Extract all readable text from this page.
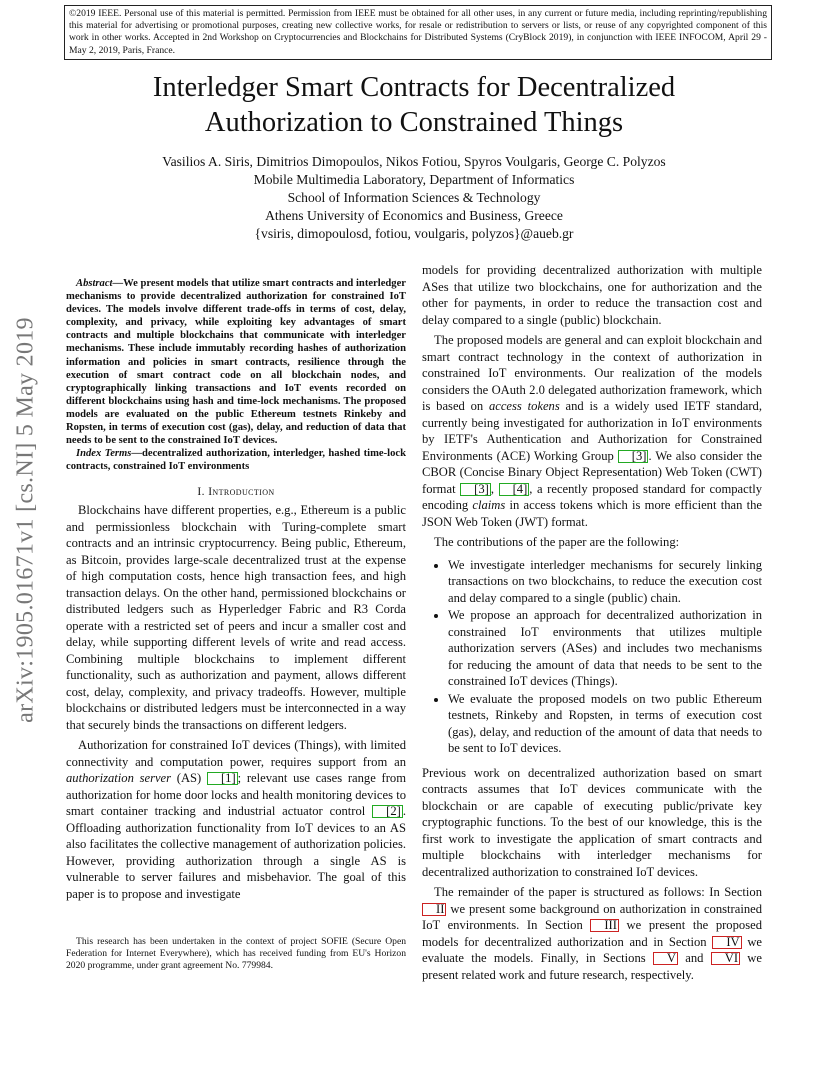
©2019 IEEE. Personal use of this material is permitted. Permission from IEEE must be obtained for all other uses, in any current or future media, including reprinting/republishing this material for advertising or promotional purposes, creating new collective works, for resale or redistribution to servers or lists, or reuse of any copyrighted component of this work in other works. Accepted in 2nd Workshop on Cryptocurrencies and Blockchains for Distributed Systems (CryBlock 2019), in conjunction with IEEE INFOCOM, April 29 - May 2, 2019, Paris, France.
Interledger Smart Contracts for Decentralized
Authorization to Constrained Things
Vasilios A. Siris, Dimitrios Dimopoulos, Nikos Fotiou, Spyros Voulgaris, George C. Polyzos
Mobile Multimedia Laboratory, Department of Informatics
School of Information Sciences & Technology
Athens University of Economics and Business, Greece
{vsiris, dimopoulosd, fotiou, voulgaris, polyzos}@aueb.gr
arXiv:1905.01671v1 [cs.NI] 5 May 2019

Abstract—We present models that utilize smart contracts and interledger mechanisms to provide decentralized authorization for constrained IoT devices. The models involve different trade-offs in terms of cost, delay, complexity, and privacy, while exploiting key advantages of smart contracts and multiple blockchains that communicate with interledger mechanisms. These include immutably recording hashes of authorization information and policies in smart contracts, resilience through the execution of smart contract code on all blockchain nodes, and cryptographically linking transactions and IoT events recorded on different blockchains using hash and time-lock mechanisms. The proposed models are evaluated on the public Ethereum testnets Rinkeby and Ropsten, in terms of execution cost (gas), delay, and reduction of data that needs to be sent to the constrained IoT devices.

Index Terms—decentralized authorization, interledger, hashed time-lock contracts, constrained IoT environments

I. Introduction

Blockchains have different properties, e.g., Ethereum is a public and permissionless blockchain with Turing-complete smart contracts and an intrinsic cryptocurrency. Being public, Ethereum, as Bitcoin, provides large-scale decentralized trust at the expense of high computation costs, hence high transaction fees, and high transaction delays. On the other hand, permissioned blockchains or distributed ledgers such as Hyperledger Fabric and R3 Corda operate with a restricted set of peers and incur a smaller cost and delay, while supporting different levels of write and read access. Combining multiple blockchains to implement different functionality, such as authorization and payment, allows different cost, delay, complexity, and privacy tradeoffs. However, multiple blockchains or distributed ledgers must be interconnected in a way that securely binds the transactions on different ledgers.

Authorization for constrained IoT devices (Things), with limited connectivity and computation power, requires support from an authorization server (AS) [1] ; relevant use cases range from authorization for home door locks and health monitoring devices to smart container tracking and industrial actuator control [2] . Offloading authorization functionality from IoT devices to an AS also facilitates the collective management of authorization policies. However, providing authorization through a single AS is vulnerable to server failures and misbehavior. The goal of this paper is to propose and investigate

This research has been undertaken in the context of project SOFIE (Secure Open Federation for Internet Everywhere), which has received funding from EU's Horizon 2020 programme, under grant agreement No. 779984.

models for providing decentralized authorization with multiple ASes that utilize two blockchains, one for authorization and the other for payments, in order to reduce the transaction cost and delay compared to a single (public) blockchain.

The proposed models are general and can exploit blockchain and smart contract technology in the context of authorization in constrained IoT environments. Our realization of the models considers the OAuth 2.0 delegated authorization framework, which is based on access tokens and is a widely used IETF standard, currently being investigated for authorization in IoT environments by IETF's Authentication and Authorization for Constrained Environments (ACE) Working Group [3] . We also consider the CBOR (Concise Binary Object Representation) Web Token (CWT) format [3] , [4] , a recently proposed standard for compactly encoding claims in access tokens which is more efficient than the JSON Web Token (JWT) format.

The contributions of the paper are the following:

• We investigate interledger mechanisms for securely linking transactions on two blockchains, to reduce the execution cost and delay compared to a single (public) chain.
• We propose an approach for decentralized authorization in constrained IoT environments that utilizes multiple authorization servers (ASes) and includes two mechanisms for reducing the amount of data that needs to be sent to the constrained IoT devices (Things).
• We evaluate the proposed models on two public Ethereum testnets, Rinkeby and Ropsten, in terms of execution cost (gas), delay, and reduction of the amount of data that needs to be sent to IoT devices.

Previous work on decentralized authorization based on smart contracts assumes that IoT devices communicate with the blockchain or are capable of executing public/private key cryptographic functions. To the best of our knowledge, this is the first work to investigate the application of smart contracts and multiple blockchains with interledger mechanisms for decentralized authorization to constrained IoT devices.

The remainder of the paper is structured as follows: In Section II we present some background on authorization in constrained IoT environments. In Section III we present the proposed models for decentralized authorization and in Section IV we evaluate the models. Finally, in Sections V and VI we present related work and future research, respectively.
